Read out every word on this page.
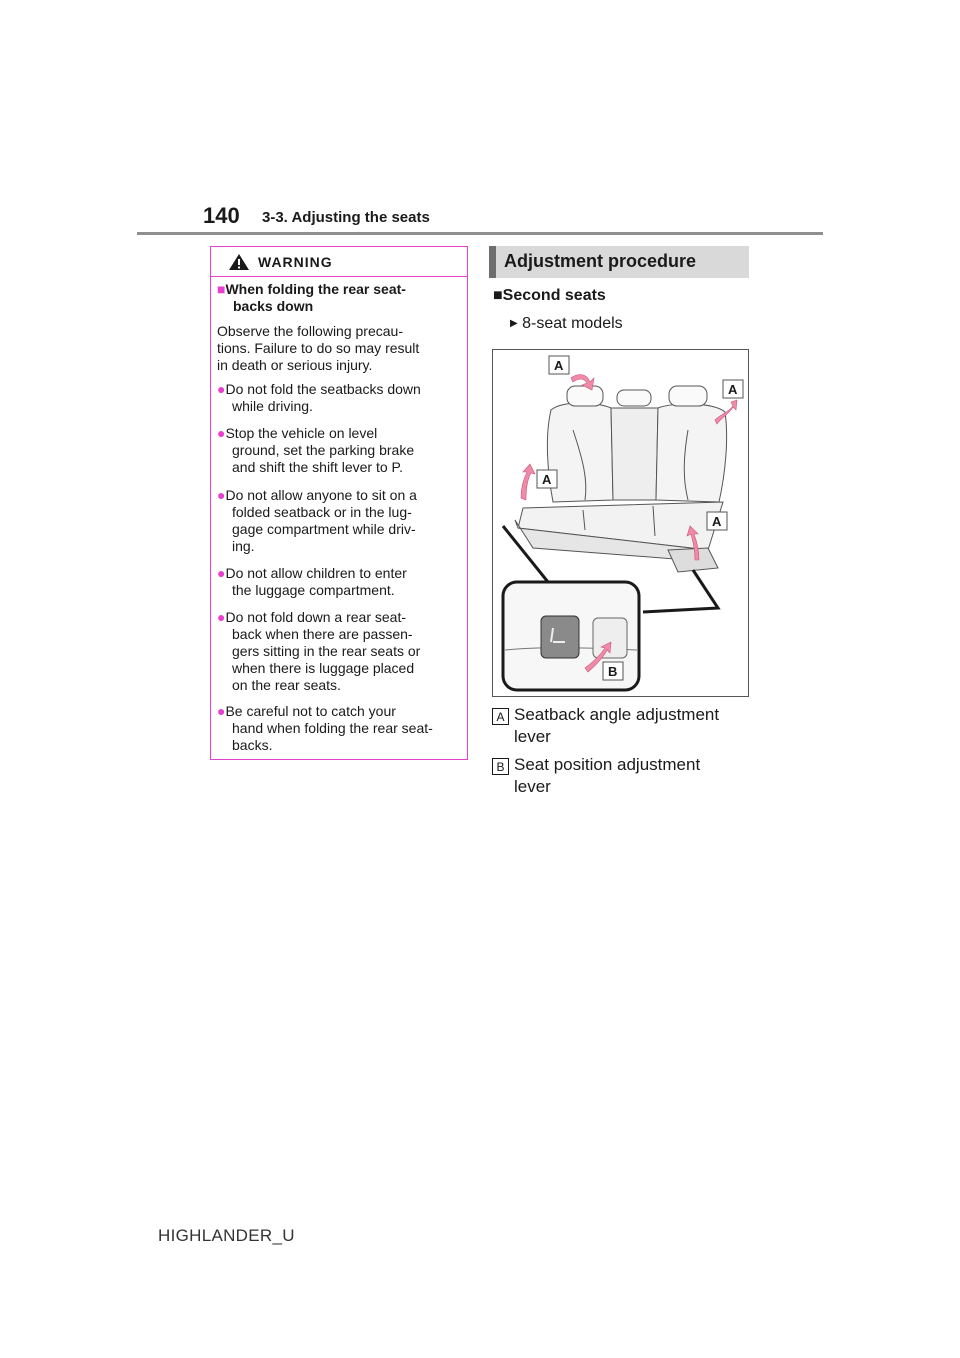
140 3-3. Adjusting the seats
WARNING
■When folding the rear seat-
backs down
Observe the following precau-
tions. Failure to do so may result
in death or serious injury.
●Do not fold the seatbacks down
while driving.
●Stop the vehicle on level
ground, set the parking brake
and shift the shift lever to P.
●Do not allow anyone to sit on a
folded seatback or in the lug-
gage compartment while driv-
ing.
●Do not allow children to enter
the luggage compartment.
●Do not fold down a rear seat-
back when there are passen-
gers sitting in the rear seats or
when there is luggage placed
on the rear seats.
●Be careful not to catch your
hand when folding the rear seat-
backs.
Adjustment procedure
■Second seats
▶ 8-seat models
A
A
A
A
B
A Seatback angle adjustment
lever
B Seat position adjustment
lever
HIGHLANDER_U
